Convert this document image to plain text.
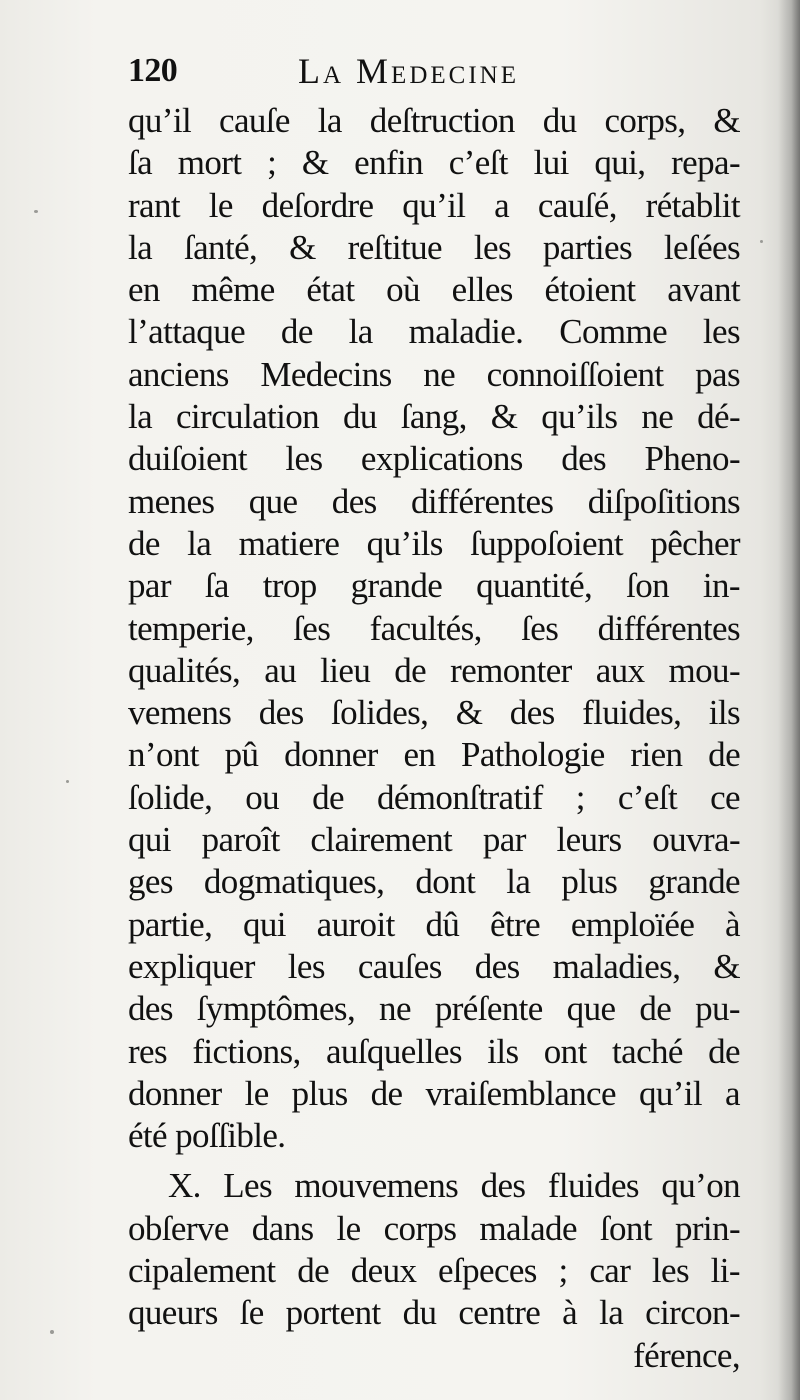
120	La Medecine
qu’il cauſe la deſtruction du corps, &
ſa mort ; & enfin c’eſt lui qui, repa-
rant le deſordre qu’il a cauſé, rétablit
la ſanté, & reſtitue les parties leſées
en même état où elles étoient avant
l’attaque de la maladie. Comme les
anciens Medecins ne connoiſſoient pas
la circulation du ſang, & qu’ils ne dé-
duiſoient les explications des Pheno-
menes que des différentes diſpoſitions
de la matiere qu’ils ſuppoſoient pêcher
par ſa trop grande quantité, ſon in-
temperie, ſes facultés, ſes différentes
qualités, au lieu de remonter aux mou-
vemens des ſolides, & des fluides, ils
n’ont pû donner en Pathologie rien de
ſolide, ou de démonſtratif ; c’eſt ce
qui paroît clairement par leurs ouvra-
ges dogmatiques, dont la plus grande
partie, qui auroit dû être emploïée à
expliquer les cauſes des maladies, &
des ſymptômes, ne préſente que de pu-
res fictions, auſquelles ils ont taché de
donner le plus de vraiſemblance qu’il a
été poſſible.
X. Les mouvemens des fluides qu’on
obſerve dans le corps malade ſont prin-
cipalement de deux eſpeces ; car les li-
queurs ſe portent du centre à la circon-
férence,
